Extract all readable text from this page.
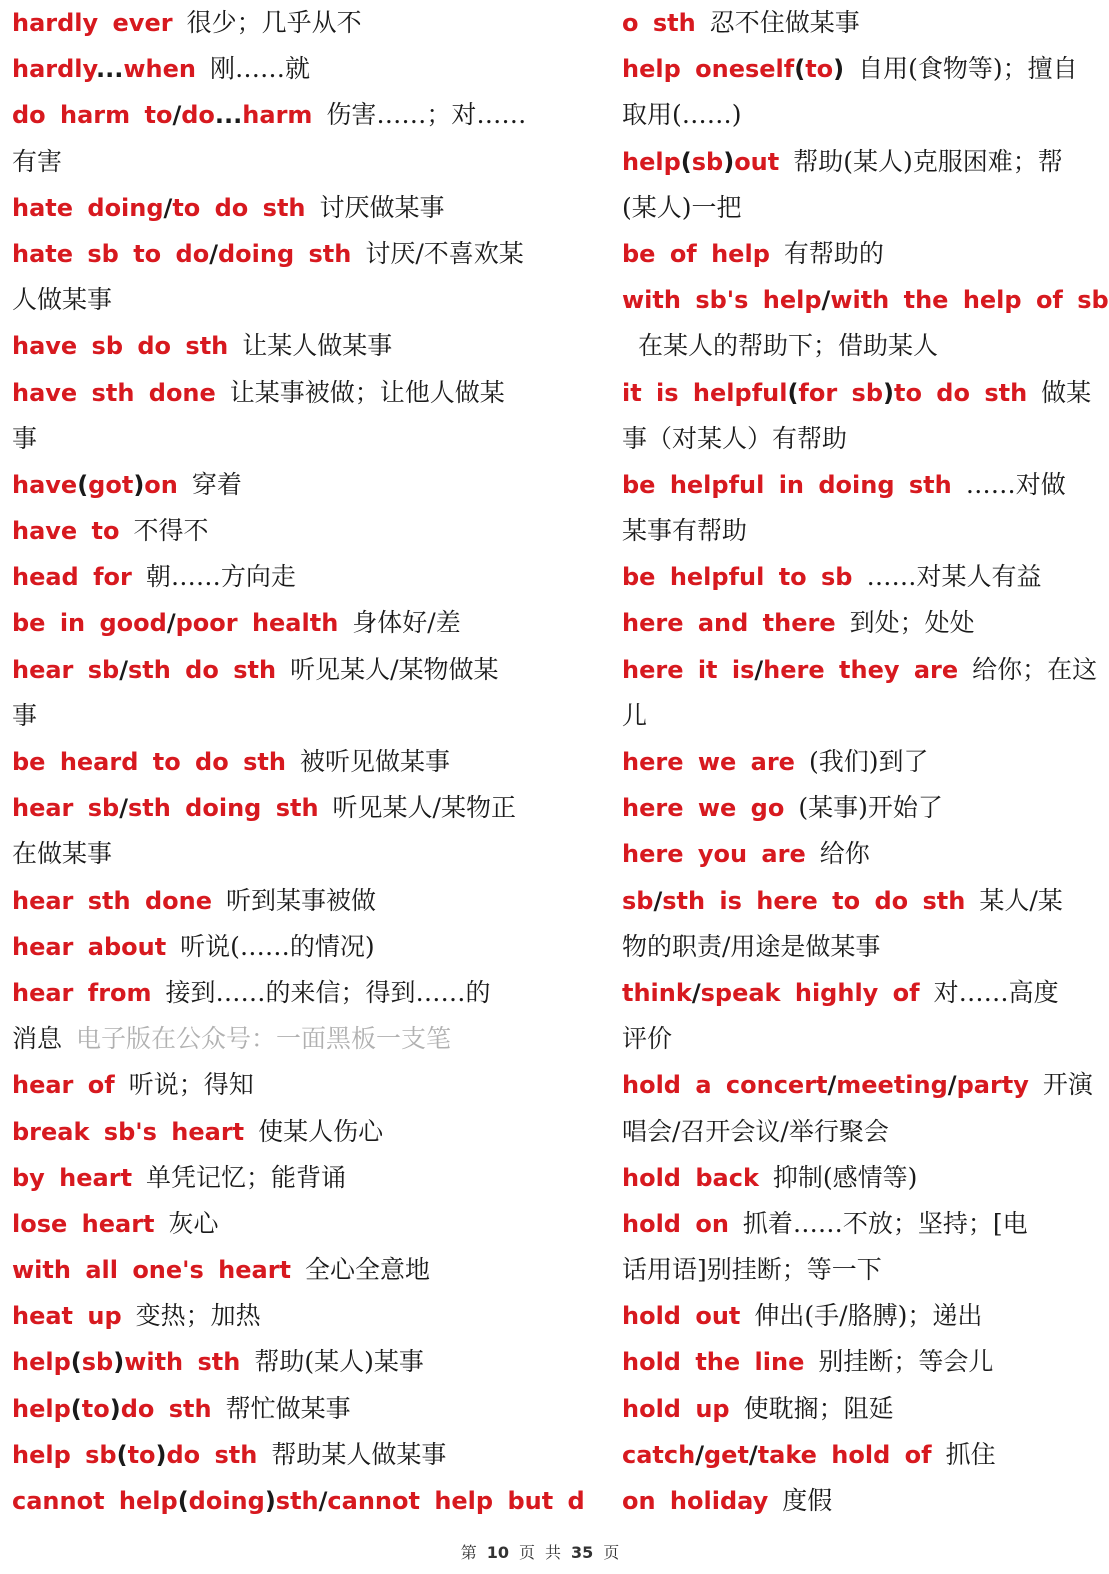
hardly ever 很少；几乎从不
hardly...when 刚……就
do harm to/do...harm 伤害……；对……
有害
hate doing/to do sth 讨厌做某事
hate sb to do/doing sth 讨厌/不喜欢某
人做某事
have sb do sth 让某人做某事
have sth done 让某事被做；让他人做某
事
have(got)on 穿着
have to 不得不
head for 朝……方向走
be in good/poor health 身体好/差
hear sb/sth do sth 听见某人/某物做某
事
be heard to do sth 被听见做某事
hear sb/sth doing sth 听见某人/某物正
在做某事
hear sth done 听到某事被做
hear about 听说(……的情况)
hear from 接到……的来信；得到……的
消息 电子版在公众号：一面黑板一支笔
hear of 听说；得知
break sb's heart 使某人伤心
by heart 单凭记忆；能背诵
lose heart 灰心
with all one's heart 全心全意地
heat up 变热；加热
help(sb)with sth 帮助(某人)某事
help(to)do sth 帮忙做某事
help sb(to)do sth 帮助某人做某事
cannot help(doing)sth/cannot help but d
o sth 忍不住做某事
help oneself(to) 自用(食物等)；擅自
取用(……)
help(sb)out 帮助(某人)克服困难；帮
(某人)一把
be of help 有帮助的
with sb's help/with the help of sb
在某人的帮助下；借助某人
it is helpful(for sb)to do sth 做某
事（对某人）有帮助
be helpful in doing sth ……对做
某事有帮助
be helpful to sb ……对某人有益
here and there 到处；处处
here it is/here they are 给你；在这
儿
here we are (我们)到了
here we go (某事)开始了
here you are 给你
sb/sth is here to do sth 某人/某
物的职责/用途是做某事
think/speak highly of 对……高度
评价
hold a concert/meeting/party 开演
唱会/召开会议/举行聚会
hold back 抑制(感情等)
hold on 抓着……不放；坚持；[电
话用语]别挂断；等一下
hold out 伸出(手/胳膊)；递出
hold the line 别挂断；等会儿
hold up 使耽搁；阻延
catch/get/take hold of 抓住
on holiday 度假
第 10 页 共 35 页
